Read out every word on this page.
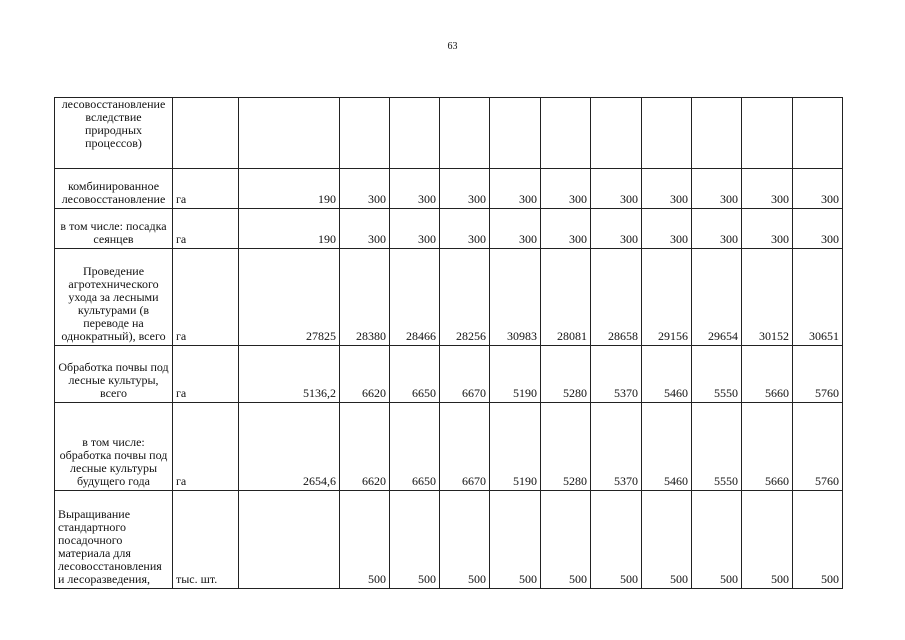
63
лесовосстановление вследствие природных процессов)												
комбинированное лесовосстановление	га	190	300	300	300	300	300	300	300	300	300	300
в том числе: посадка сеянцев	га	190	300	300	300	300	300	300	300	300	300	300
Проведение агротехнического ухода за лесными культурами (в переводе на однократный), всего	га	27825	28380	28466	28256	30983	28081	28658	29156	29654	30152	30651
Обработка почвы под лесные культуры, всего	га	5136,2	6620	6650	6670	5190	5280	5370	5460	5550	5660	5760
в том числе: обработка почвы под лесные культуры будущего года	га	2654,6	6620	6650	6670	5190	5280	5370	5460	5550	5660	5760
Выращивание стандартного посадочного материала для лесовосстановления и лесоразведения,	тыс. шт.		500	500	500	500	500	500	500	500	500	500
